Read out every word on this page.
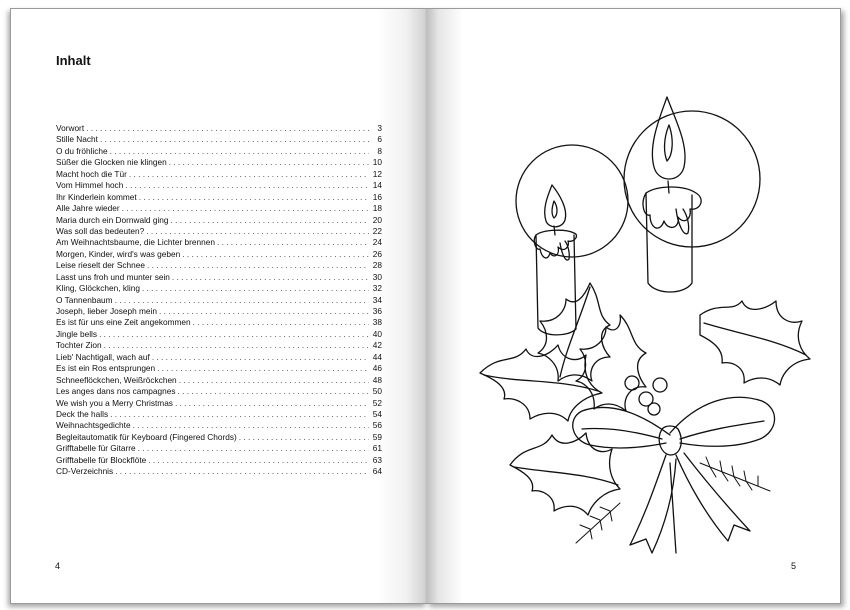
Inhalt
Vorwort . . .	3
Stille Nacht . . .	6
O du fröhliche . . .	8
Süßer die Glocken nie klingen . . .	10
Macht hoch die Tür . . .	12
Vom Himmel hoch . . .	14
Ihr Kinderlein kommet . . .	16
Alle Jahre wieder . . .	18
Maria durch ein Dornwald ging . . .	20
Was soll das bedeuten? . . .	22
Am Weihnachtsbaume, die Lichter brennen . . .	24
Morgen, Kinder, wird's was geben . . .	26
Leise rieselt der Schnee . . .	28
Lasst uns froh und munter sein . . .	30
Kling, Glöckchen, kling . . .	32
O Tannenbaum . . .	34
Joseph, lieber Joseph mein . . .	36
Es ist für uns eine Zeit angekommen . . .	38
Jingle bells . . .	40
Tochter Zion . . .	42
Lieb' Nachtigall, wach auf . . .	44
Es ist ein Ros entsprungen . . .	46
Schneeflöckchen, Weißröckchen . . .	48
Les anges dans nos campagnes . . .	50
We wish you a Merry Christmas . . .	52
Deck the halls . . .	54
Weihnachtsgedichte . . .	56
Begleitautomatik für Keyboard (Fingered Chords) . . .	59
Grifftabelle für Gitarre . . .	61
Grifftabelle für Blockflöte . . .	63
CD-Verzeichnis . . .	64
4	5
